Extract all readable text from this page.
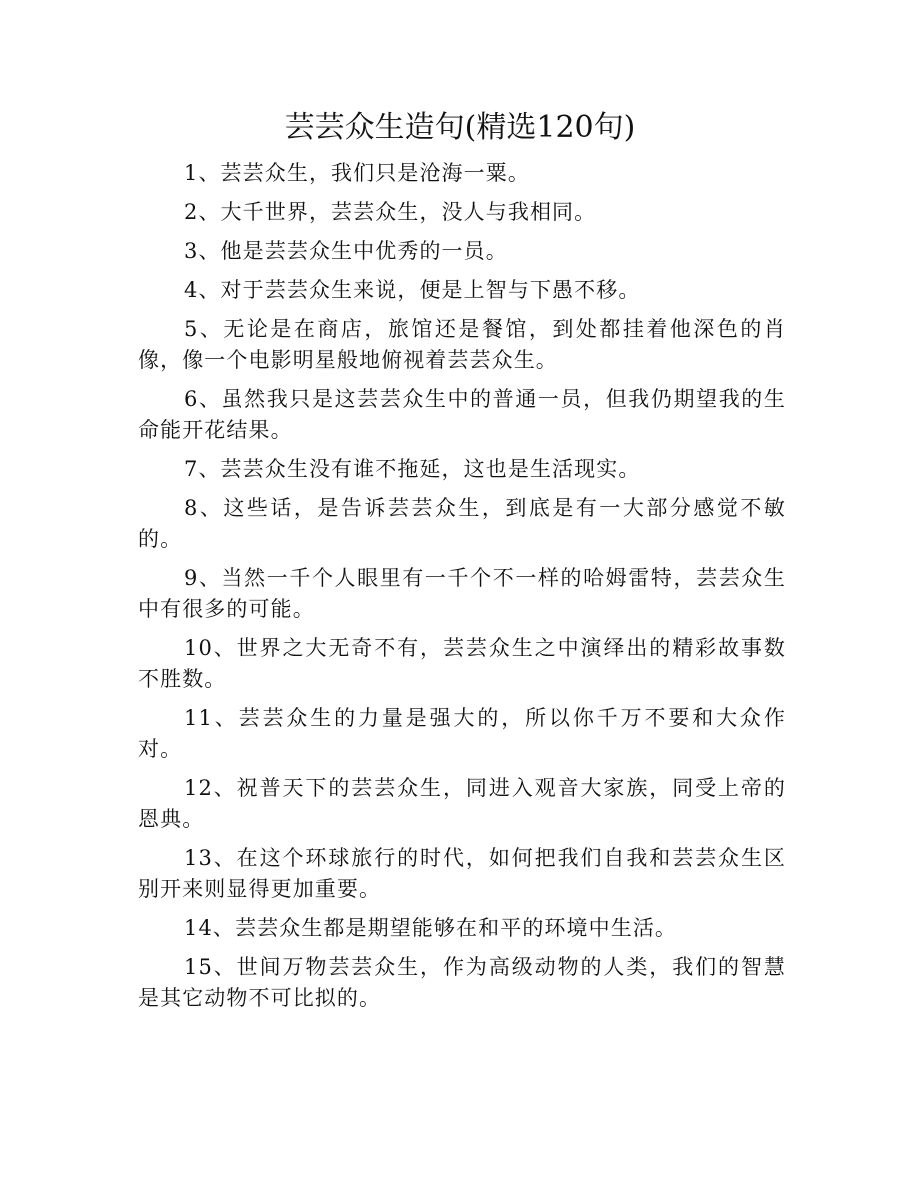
芸芸众生造句(精选120句)

1、芸芸众生，我们只是沧海一粟。

2、大千世界，芸芸众生，没人与我相同。

3、他是芸芸众生中优秀的一员。

4、对于芸芸众生来说，便是上智与下愚不移。

5、无论是在商店，旅馆还是餐馆，到处都挂着他深色的肖像，像一个电影明星般地俯视着芸芸众生。

6、虽然我只是这芸芸众生中的普通一员，但我仍期望我的生命能开花结果。

7、芸芸众生没有谁不拖延，这也是生活现实。

8、这些话，是告诉芸芸众生，到底是有一大部分感觉不敏的。

9、当然一千个人眼里有一千个不一样的哈姆雷特，芸芸众生中有很多的可能。

10、世界之大无奇不有，芸芸众生之中演绎出的精彩故事数不胜数。

11、芸芸众生的力量是强大的，所以你千万不要和大众作对。

12、祝普天下的芸芸众生，同进入观音大家族，同受上帝的恩典。

13、在这个环球旅行的时代，如何把我们自我和芸芸众生区别开来则显得更加重要。

14、芸芸众生都是期望能够在和平的环境中生活。

15、世间万物芸芸众生，作为高级动物的人类，我们的智慧是其它动物不可比拟的。
